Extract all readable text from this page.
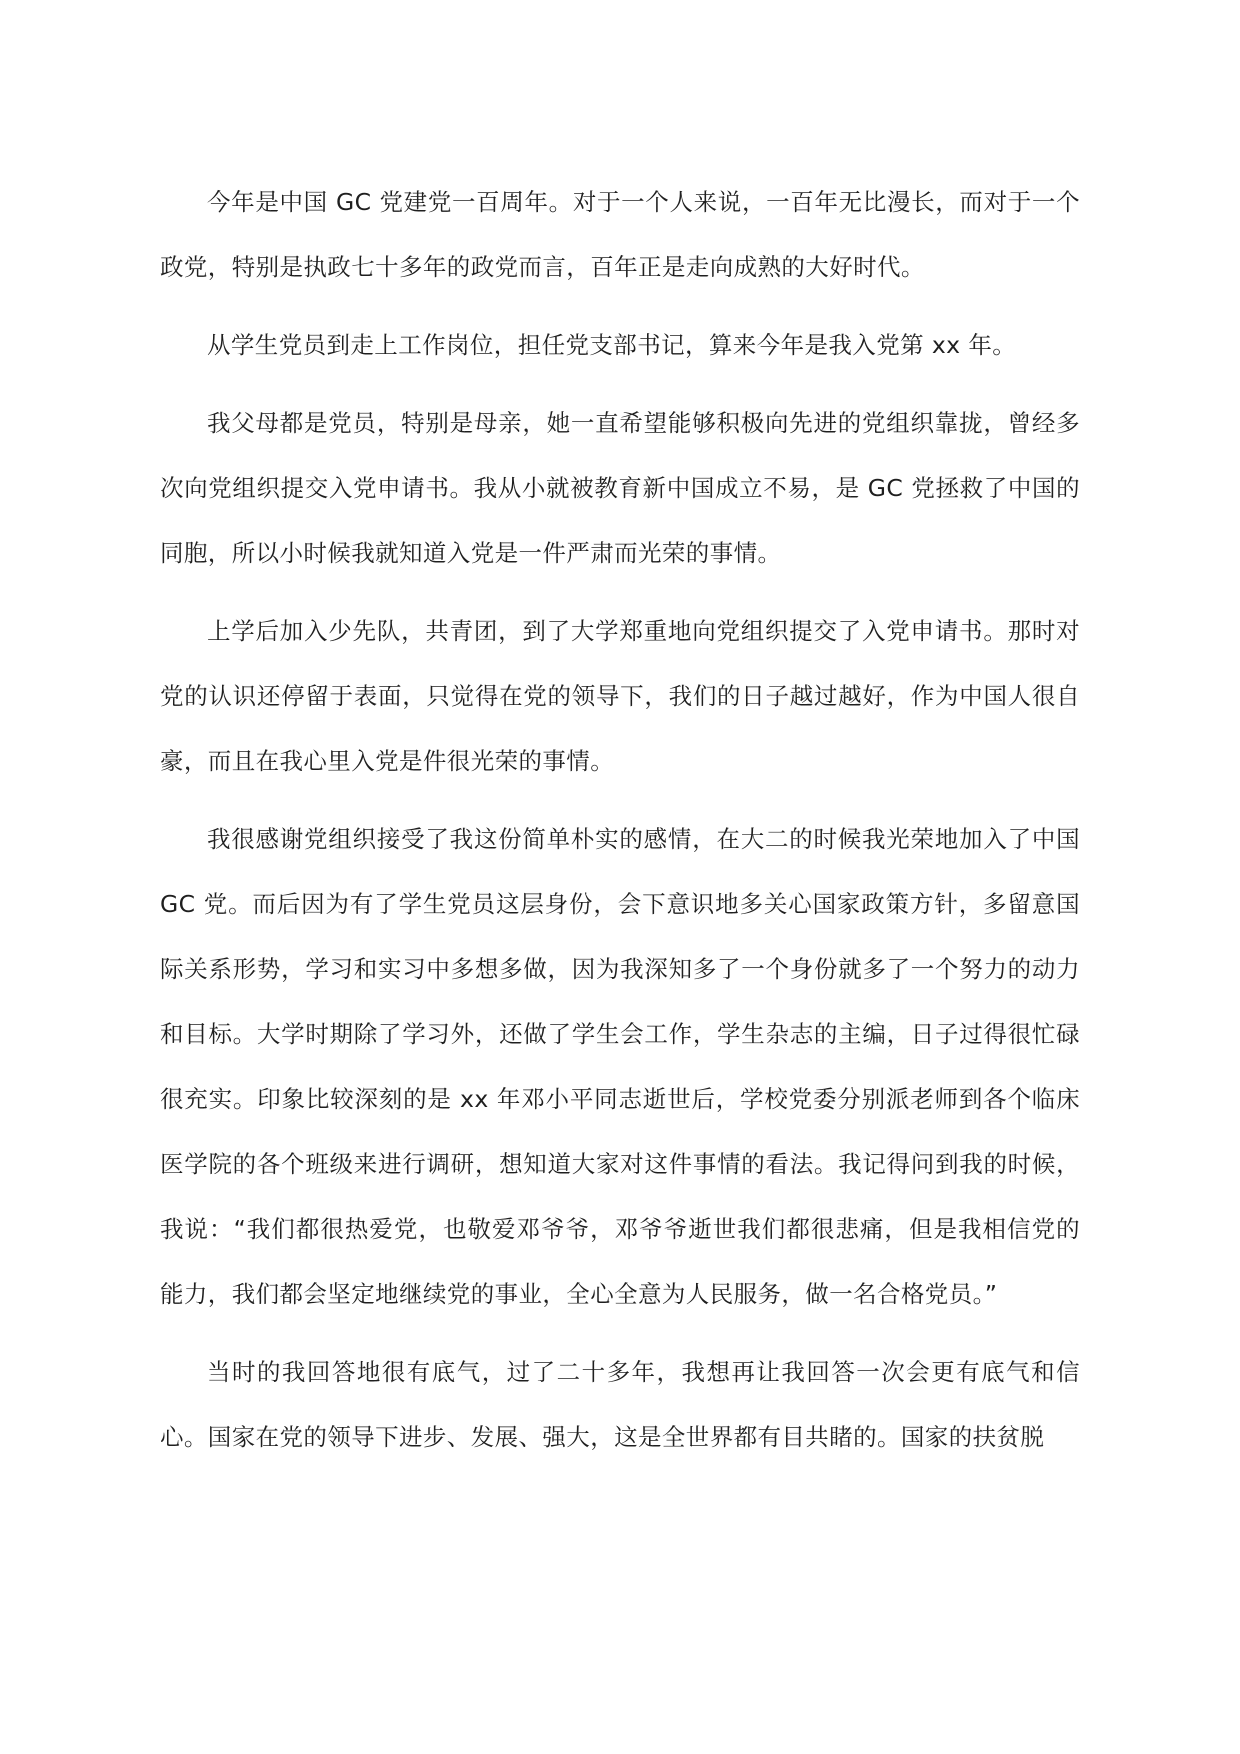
今年是中国 GC 党建党一百周年。对于一个人来说，一百年无比漫长，而对于一个政党，特别是执政七十多年的政党而言，百年正是走向成熟的大好时代。

从学生党员到走上工作岗位，担任党支部书记，算来今年是我入党第 xx 年。

我父母都是党员，特别是母亲，她一直希望能够积极向先进的党组织靠拢，曾经多次向党组织提交入党申请书。我从小就被教育新中国成立不易，是 GC 党拯救了中国的同胞，所以小时候我就知道入党是一件严肃而光荣的事情。

上学后加入少先队，共青团，到了大学郑重地向党组织提交了入党申请书。那时对党的认识还停留于表面，只觉得在党的领导下，我们的日子越过越好，作为中国人很自豪，而且在我心里入党是件很光荣的事情。

我很感谢党组织接受了我这份简单朴实的感情，在大二的时候我光荣地加入了中国 GC 党。而后因为有了学生党员这层身份，会下意识地多关心国家政策方针，多留意国际关系形势，学习和实习中多想多做，因为我深知多了一个身份就多了一个努力的动力和目标。大学时期除了学习外，还做了学生会工作，学生杂志的主编，日子过得很忙碌很充实。印象比较深刻的是 xx 年邓小平同志逝世后，学校党委分别派老师到各个临床医学院的各个班级来进行调研，想知道大家对这件事情的看法。我记得问到我的时候，我说：“我们都很热爱党，也敬爱邓爷爷，邓爷爷逝世我们都很悲痛，但是我相信党的能力，我们都会坚定地继续党的事业，全心全意为人民服务，做一名合格党员。”

当时的我回答地很有底气，过了二十多年，我想再让我回答一次会更有底气和信心。国家在党的领导下进步、发展、强大，这是全世界都有目共睹的。国家的扶贫脱
